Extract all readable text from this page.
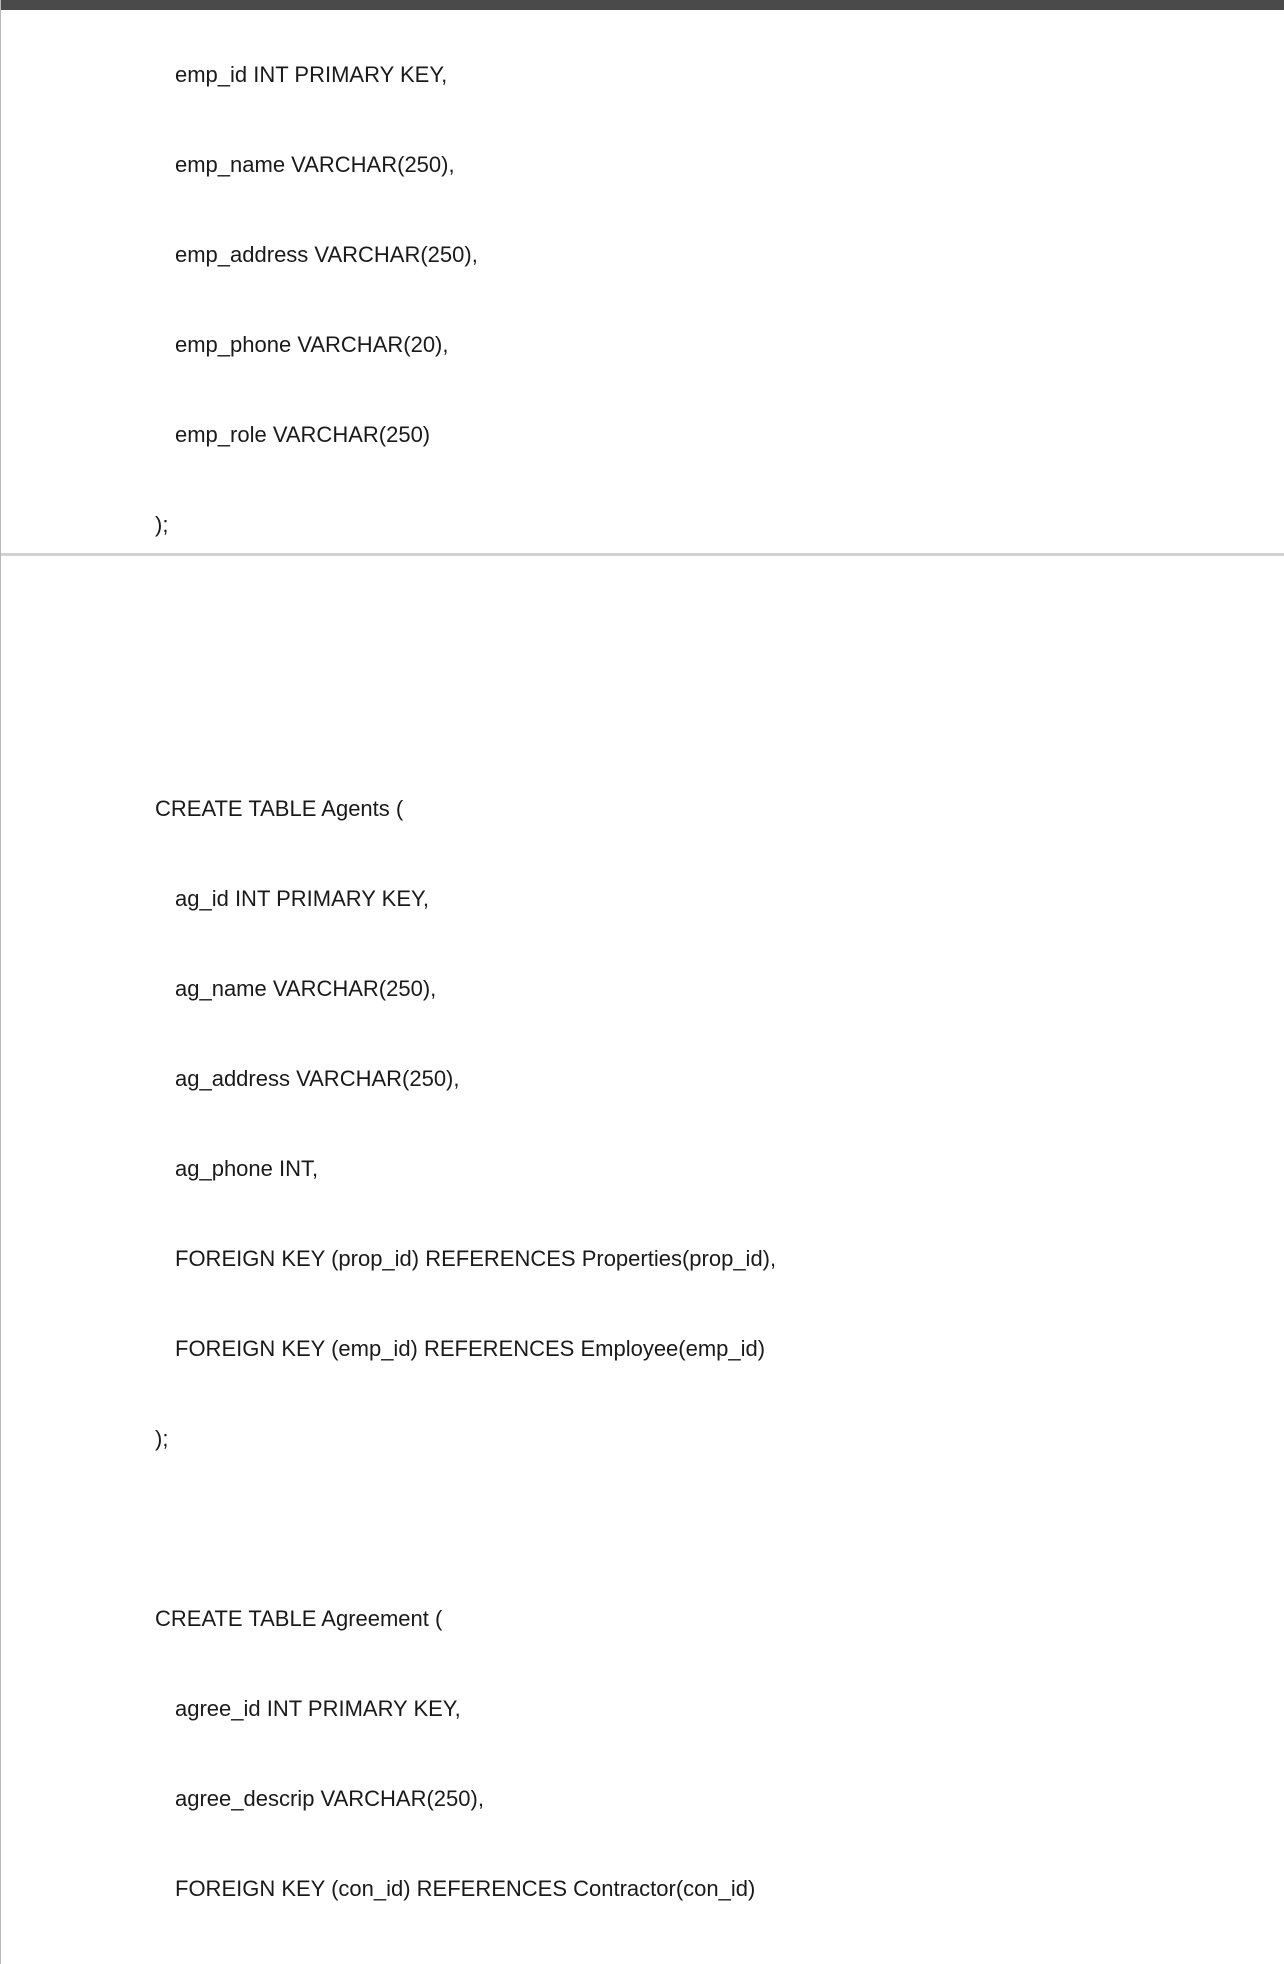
emp_id INT PRIMARY KEY,

emp_name VARCHAR(250),

emp_address VARCHAR(250),

emp_phone VARCHAR(20),

emp_role VARCHAR(250)

);

CREATE TABLE Agents (

ag_id INT PRIMARY KEY,

ag_name VARCHAR(250),

ag_address VARCHAR(250),

ag_phone INT,

FOREIGN KEY (prop_id) REFERENCES Properties(prop_id),

FOREIGN KEY (emp_id) REFERENCES Employee(emp_id)

);

CREATE TABLE Agreement (

agree_id INT PRIMARY KEY,

agree_descrip VARCHAR(250),

FOREIGN KEY (con_id) REFERENCES Contractor(con_id)
